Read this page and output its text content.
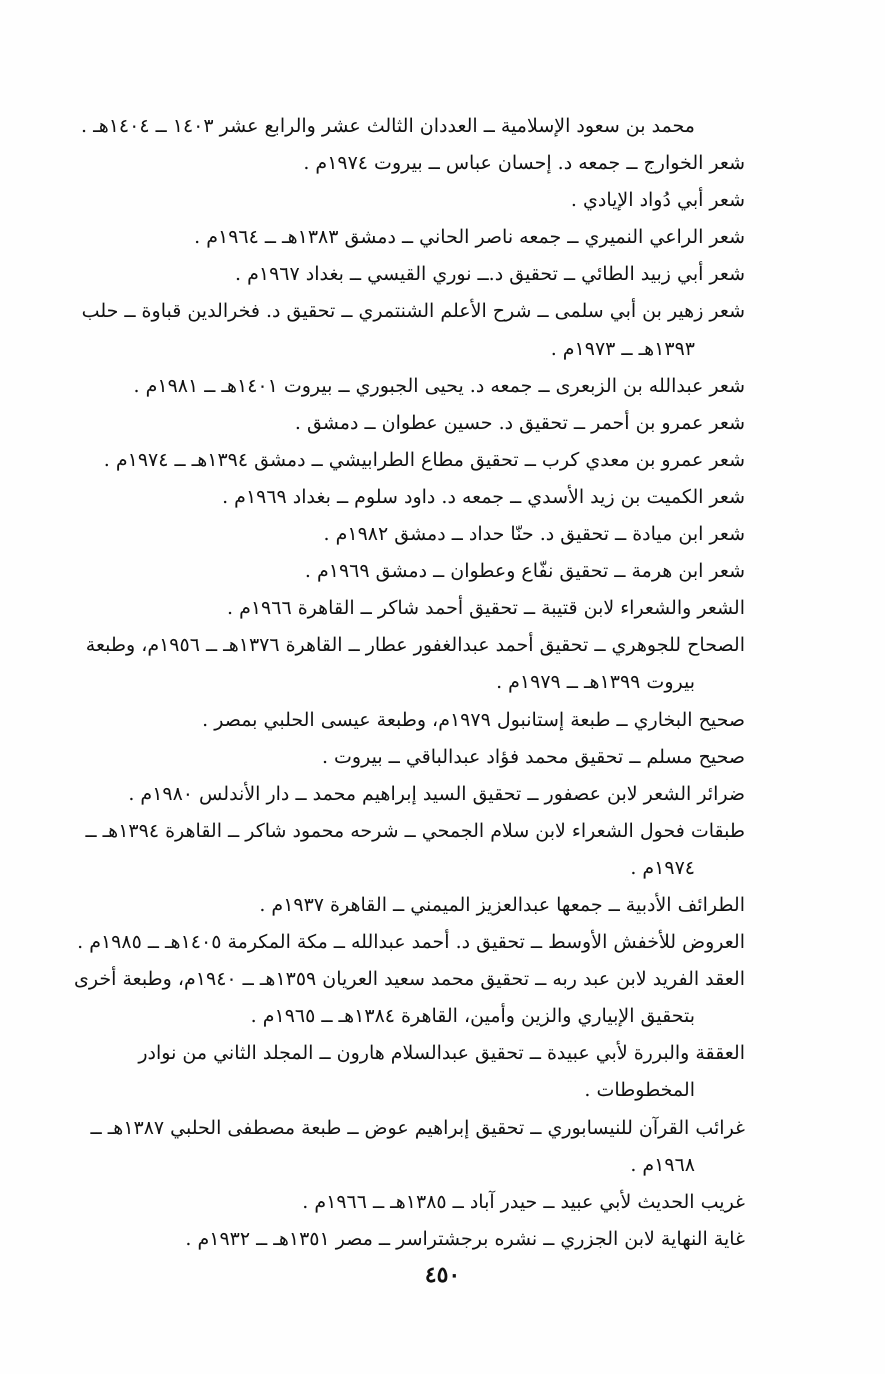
محمد بن سعود الإسلامية ــ العددان الثالث عشر والرابع عشر ١٤٠٣ ــ ١٤٠٤هـ .
شعر الخوارج ــ جمعه د. إحسان عباس ــ بيروت ١٩٧٤م .
شعر أبي دُواد الإيادي .
شعر الراعي النميري ــ جمعه ناصر الحاني ــ دمشق ١٣٨٣هـ ــ ١٩٦٤م .
شعر أبي زبيد الطائي ــ تحقيق د.ــ نوري القيسي ــ بغداد ١٩٦٧م .
شعر زهير بن أبي سلمى ــ شرح الأعلم الشنتمري ــ تحقيق د. فخرالدين قباوة ــ حلب
١٣٩٣هـ ــ ١٩٧٣م .
شعر عبدالله بن الزبعرى ــ جمعه د. يحيى الجبوري ــ بيروت ١٤٠١هـ ــ ١٩٨١م .
شعر عمرو بن أحمر ــ تحقيق د. حسين عطوان ــ دمشق .
شعر عمرو بن معدي كرب ــ تحقيق مطاع الطرابيشي ــ دمشق ١٣٩٤هـ ــ ١٩٧٤م .
شعر الكميت بن زيد الأسدي ــ جمعه د. داود سلوم ــ بغداد ١٩٦٩م .
شعر ابن ميادة ــ تحقيق د. حنّا حداد ــ دمشق ١٩٨٢م .
شعر ابن هرمة ــ تحقيق نفّاع وعطوان ــ دمشق ١٩٦٩م .
الشعر والشعراء لابن قتيبة ــ تحقيق أحمد شاكر ــ القاهرة ١٩٦٦م .
الصحاح للجوهري ــ تحقيق أحمد عبدالغفور عطار ــ القاهرة ١٣٧٦هـ ــ ١٩٥٦م، وطبعة
بيروت ١٣٩٩هـ ــ ١٩٧٩م .
صحيح البخاري ــ طبعة إستانبول ١٩٧٩م، وطبعة عيسى الحلبي بمصر .
صحيح مسلم ــ تحقيق محمد فؤاد عبدالباقي ــ بيروت .
ضرائر الشعر لابن عصفور ــ تحقيق السيد إبراهيم محمد ــ دار الأندلس ١٩٨٠م .
طبقات فحول الشعراء لابن سلام الجمحي ــ شرحه محمود شاكر ــ القاهرة ١٣٩٤هـ ــ
١٩٧٤م .
الطرائف الأدبية ــ جمعها عبدالعزيز الميمني ــ القاهرة ١٩٣٧م .
العروض للأخفش الأوسط ــ تحقيق د. أحمد عبدالله ــ مكة المكرمة ١٤٠٥هـ ــ ١٩٨٥م .
العقد الفريد لابن عبد ربه ــ تحقيق محمد سعيد العريان ١٣٥٩هـ ــ ١٩٤٠م، وطبعة أخرى
بتحقيق الإبياري والزين وأمين، القاهرة ١٣٨٤هـ ــ ١٩٦٥م .
العققة والبررة لأبي عبيدة ــ تحقيق عبدالسلام هارون ــ المجلد الثاني من نوادر
المخطوطات .
غرائب القرآن للنيسابوري ــ تحقيق إبراهيم عوض ــ طبعة مصطفى الحلبي ١٣٨٧هـ ــ
١٩٦٨م .
غريب الحديث لأبي عبيد ــ حيدر آباد ــ ١٣٨٥هـ ــ ١٩٦٦م .
غاية النهاية لابن الجزري ــ نشره برجشتراسر ــ مصر ١٣٥١هـ ــ ١٩٣٢م .
٤٥٠
